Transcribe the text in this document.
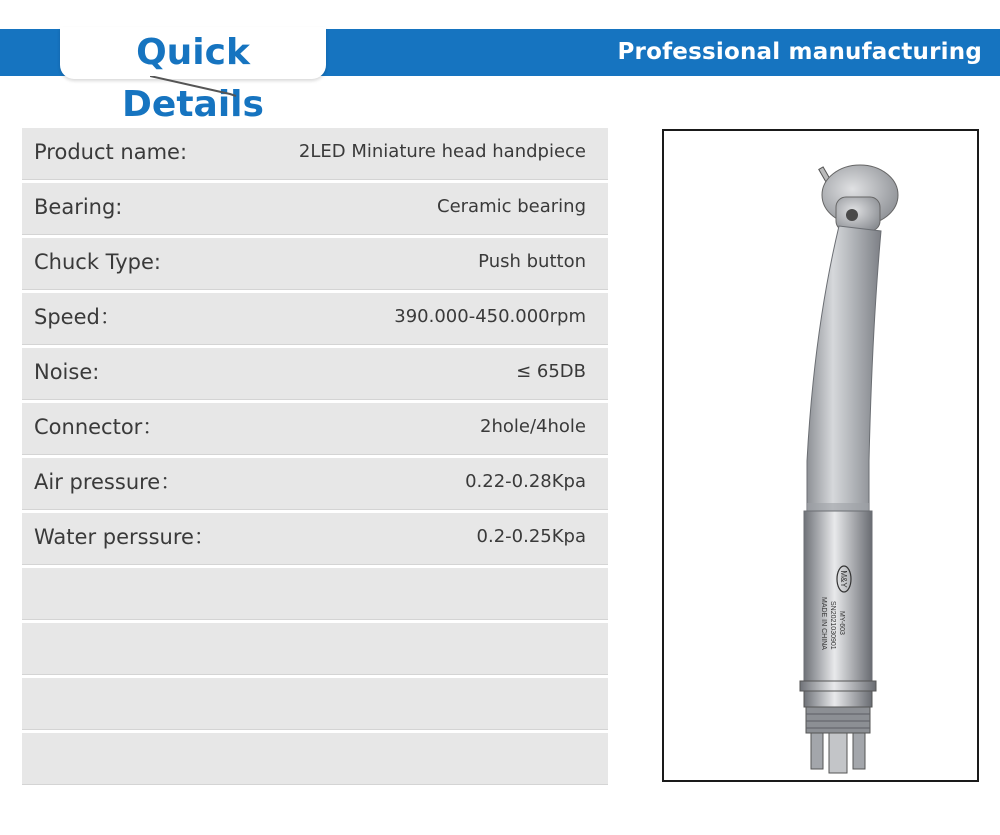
Professional manufacturing
Quick Details
Product name:	2LED Miniature head handpiece
Bearing:	Ceramic bearing
Chuck Type:	Push button
Speed：	390.000-450.000rpm
Noise:	≤ 65DB
Connector：	2hole/4hole
Air pressure：	0.22-0.28Kpa
Water perssure：	0.2-0.25Kpa
M&Y
MY-603
SN2021030901
MADE IN CHINA
